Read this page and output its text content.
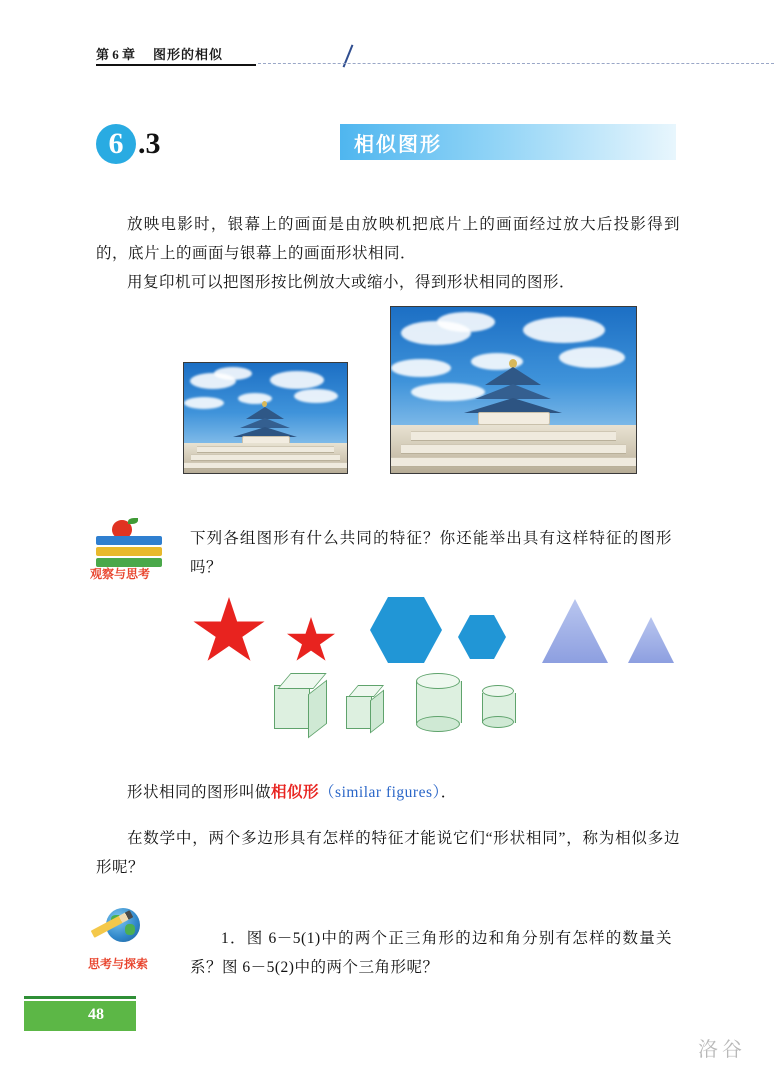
第 6 章 图形的相似
6 .3	相似图形
放映电影时，银幕上的画面是由放映机把底片上的画面经过放大后投影得到的，底片上的画面与银幕上的画面形状相同．
用复印机可以把图形按比例放大或缩小，得到形状相同的图形．
观察与思考
下列各组图形有什么共同的特征？你还能举出具有这样特征的图形吗？
形状相同的图形叫做相似形（similar figures）．
在数学中，两个多边形具有怎样的特征才能说它们“形状相同”，称为相似多边形呢？
思考与探索
1．图 6－5(1)中的两个正三角形的边和角分别有怎样的数量关系？图 6－5(2)中的两个三角形呢？
48
洛谷
